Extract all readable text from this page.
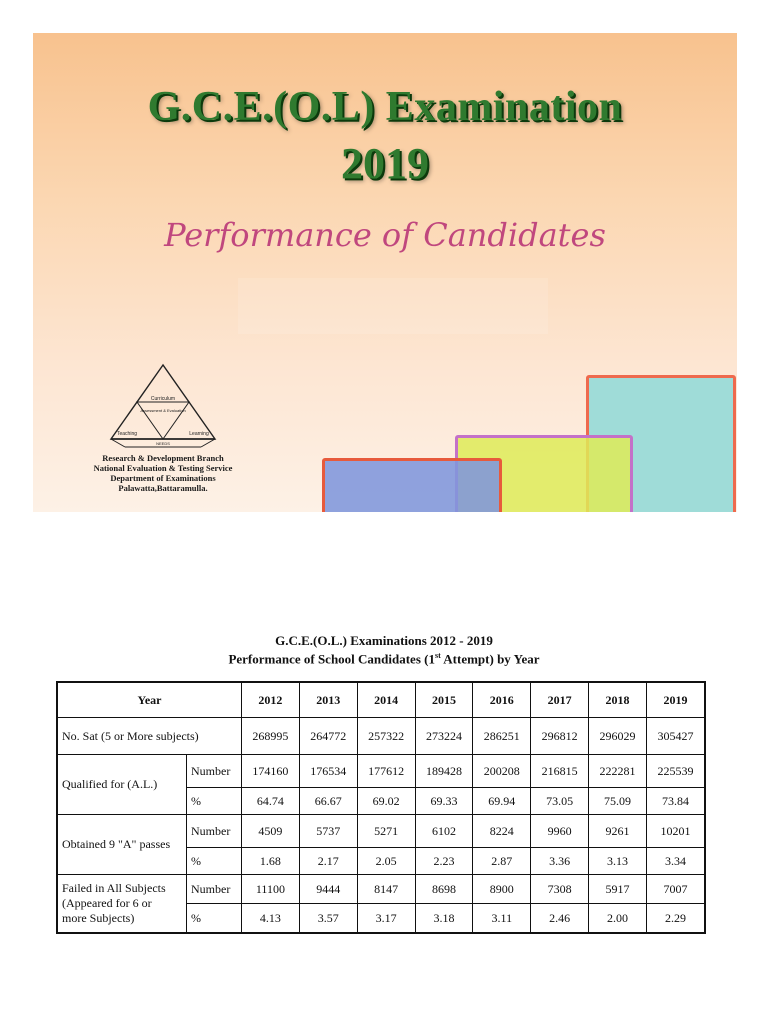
G.C.E.(O.L) Examination
2019
Performance of Candidates
Curriculum
Assessment & Evaluation
Teaching	Learning
NEEDS
Research & Development Branch
National Evaluation & Testing Service
Department of Examinations
Palawatta,Battaramulla.
G.C.E.(O.L.) Examinations 2012 - 2019
Performance of School Candidates (1st Attempt) by Year
Year		2012	2013	2014	2015	2016	2017	2018	2019
No. Sat (5 or More subjects)		268995	264772	257322	273224	286251	296812	296029	305427
Qualified for (A.L.)	Number	174160	176534	177612	189428	200208	216815	222281	225539
	%	64.74	66.67	69.02	69.33	69.94	73.05	75.09	73.84
Obtained 9 "A" passes	Number	4509	5737	5271	6102	8224	9960	9261	10201
	%	1.68	2.17	2.05	2.23	2.87	3.36	3.13	3.34

Failed in All Subjects
(Appeared for 6 or
more Subjects)	Number	11100	9444	8147	8698	8900	7308	5917	7007
	%	4.13	3.57	3.17	3.18	3.11	2.46	2.00	2.29
